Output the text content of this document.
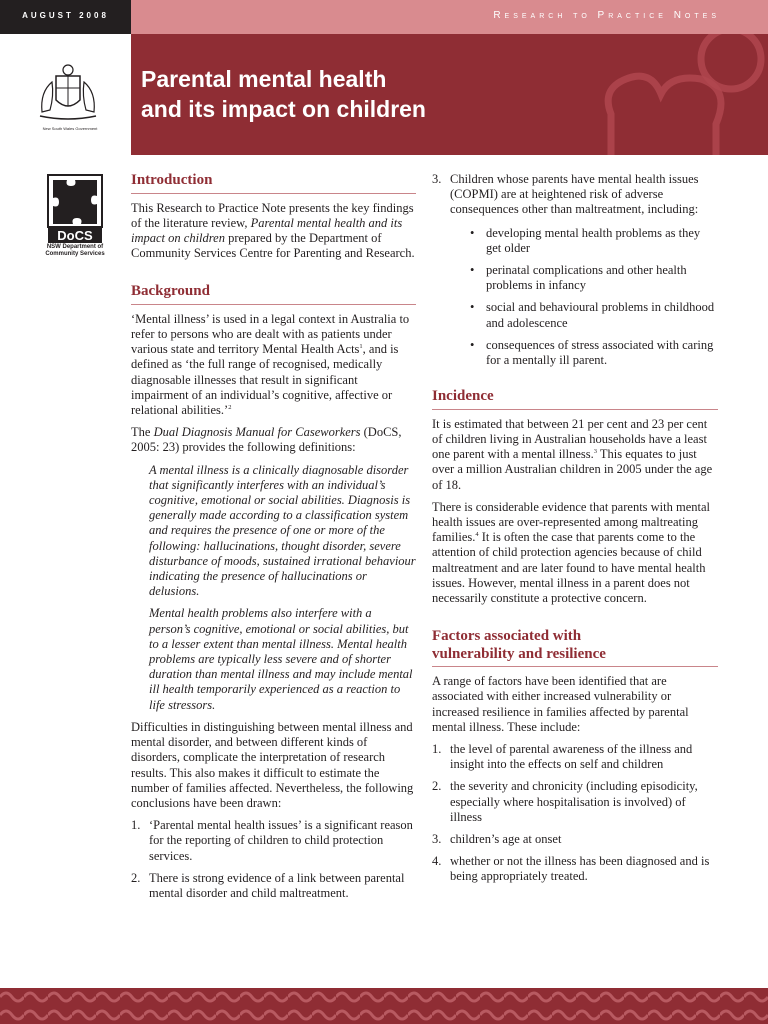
AUGUST 2008	Research to Practice Notes
Parental mental health
and its impact on children
New South Wales Government
DoCS
NSW Department of
Community Services
Introduction

This Research to Practice Note presents the key findings of the literature review, Parental mental health and its impact on children prepared by the Department of Community Services Centre for Parenting and Research.

Background

‘Mental illness’ is used in a legal context in Australia to refer to persons who are dealt with as patients under various state and territory Mental Health Acts$^1$, and is defined as ‘the full range of recognised, medically diagnosable illnesses that result in significant impairment of an individual’s cognitive, affective or relational abilities.’$^2$

The Dual Diagnosis Manual for Caseworkers (DoCS, 2005: 23) provides the following definitions:

A mental illness is a clinically diagnosable disorder that significantly interferes with an individual’s cognitive, emotional or social abilities. Diagnosis is generally made according to a classification system and requires the presence of one or more of the following: hallucinations, thought disorder, severe disturbance of moods, sustained irrational behaviour indicating the presence of hallucinations or delusions.

Mental health problems also interfere with a person’s cognitive, emotional or social abilities, but to a lesser extent than mental illness. Mental health problems are typically less severe and of shorter duration than mental illness and may include mental ill health temporarily experienced as a reaction to life stressors.

Difficulties in distinguishing between mental illness and mental disorder, and between different kinds of disorders, complicate the interpretation of research results. This also makes it difficult to estimate the number of families affected. Nevertheless, the following conclusions have been drawn:

1. ‘Parental mental health issues’ is a significant reason for the reporting of children to child protection services.
2. There is strong evidence of a link between parental mental disorder and child maltreatment.
3. Children whose parents have mental health issues (COPMI) are at heightened risk of adverse consequences other than maltreatment, including:
• developing mental health problems as they get older
• perinatal complications and other health problems in infancy
• social and behavioural problems in childhood and adolescence
• consequences of stress associated with caring for a mentally ill parent.
Incidence

It is estimated that between 21 per cent and 23 per cent of children living in Australian households have a least one parent with a mental illness.$^3$ This equates to just over a million Australian children in 2005 under the age of 18.

There is considerable evidence that parents with mental health issues are over-represented among maltreating families.$^4$ It is often the case that parents come to the attention of child protection agencies because of child maltreatment and are later found to have mental health issues. However, mental illness in a parent does not necessarily constitute a protective concern.

Factors associated with
vulnerability and resilience

A range of factors have been identified that are associated with either increased vulnerability or increased resilience in families affected by parental mental illness. These include:

1. the level of parental awareness of the illness and insight into the effects on self and children
2. the severity and chronicity (including episodicity, especially where hospitalisation is involved) of illness
3. children’s age at onset
4. whether or not the illness has been diagnosed and is being appropriately treated.
